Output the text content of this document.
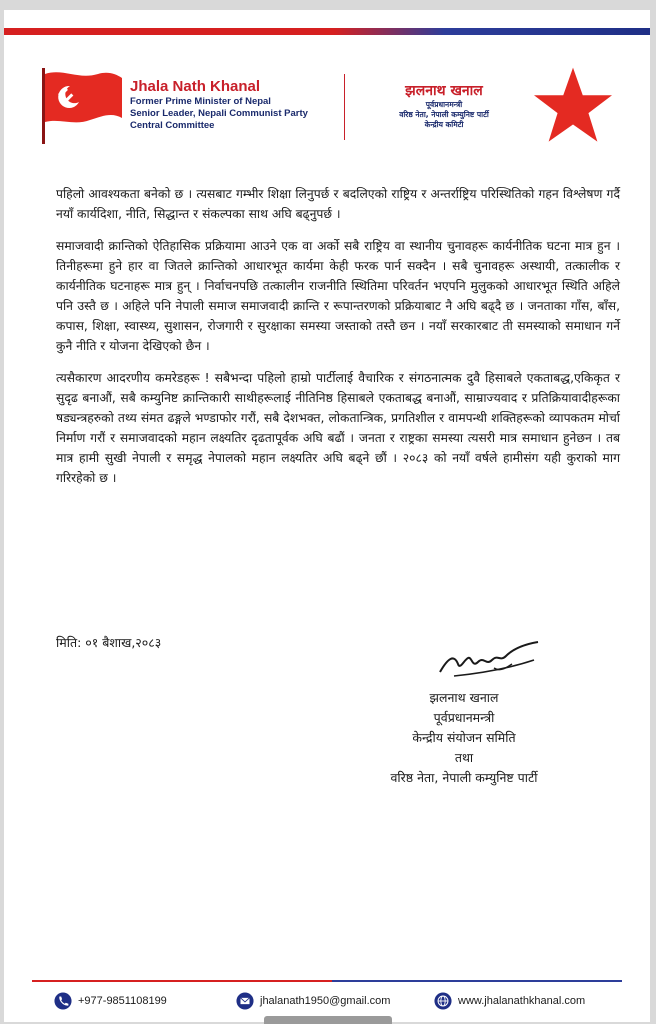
Jhala Nath Khanal
Former Prime Minister of Nepal
Senior Leader, Nepali Communist Party
Central Committee
झलनाथ खनाल
पूर्वप्रधानमन्त्री
वरिष्ठ नेता, नेपाली कम्युनिष्ट पार्टी
केन्द्रीय कमिटी

पहिलो आवश्यकता बनेको छ । त्यसबाट गम्भीर शिक्षा लिनुपर्छ र बदलिएको राष्ट्रिय र अन्तर्राष्ट्रिय परिस्थितिको गहन विश्लेषण गर्दै नयाँ कार्यदिशा, नीति, सिद्धान्त र संकल्पका साथ अघि बढ्नुपर्छ ।

समाजवादी क्रान्तिको ऐतिहासिक प्रक्रियामा आउने एक वा अर्को सबै राष्ट्रिय वा स्थानीय चुनावहरू कार्यनीतिक घटना मात्र हुन । तिनीहरूमा हुने हार वा जितले क्रान्तिको आधारभूत कार्यमा केही फरक पार्न सक्दैन । सबै चुनावहरू अस्थायी, तत्कालीक र कार्यनीतिक घटनाहरू मात्र हुन् । निर्वाचनपछि तत्कालीन राजनीति स्थितिमा परिवर्तन भएपनि मुलुकको आधारभूत स्थिति अहिले पनि उस्तै छ । अहिले पनि नेपाली समाज समाजवादी क्रान्ति र रूपान्तरणको प्रक्रियाबाट नै अघि बढ्दै छ । जनताका गाँस, बाँस, कपास, शिक्षा, स्वास्थ्य, सुशासन, रोजगारी र सुरक्षाका समस्या जस्ताको तस्तै छन । नयाँ सरकारबाट ती समस्याको समाधान गर्ने कुनै नीति र योजना देखिएको छैन ।

त्यसैकारण आदरणीय कमरेडहरू ! सबैभन्दा पहिलो हाम्रो पार्टीलाई वैचारिक र संगठनात्मक दुवै हिसाबले एकताबद्ध,एकिकृत र सुदृढ बनाऔं, सबै कम्युनिष्ट क्रान्तिकारी साथीहरूलाई नीतिनिष्ठ हिसाबले एकताबद्ध बनाऔं, साम्राज्यवाद र प्रतिक्रियावादीहरूका षड्यन्त्रहरुको तथ्य संमत ढङ्गले भण्डाफोर गरौं, सबै देशभक्त, लोकतान्त्रिक, प्रगतिशील र वामपन्थी शक्तिहरूको व्यापकतम मोर्चा निर्माण गरौं र समाजवादको महान लक्ष्यतिर दृढतापूर्वक अघि बढौं । जनता र राष्ट्रका समस्या त्यसरी मात्र समाधान हुनेछन । तब मात्र हामी सुखी नेपाली र समृद्ध नेपालको महान लक्ष्यतिर अघि बढ्ने छौं । २०८३ को नयाँ वर्षले हामीसंग यही कुराको माग गरिरहेको छ ।

मिति: ०१ बैशाख,२०८३
झलनाथ खनाल
पूर्वप्रधानमन्त्री
केन्द्रीय संयोजन समिति
तथा
वरिष्ठ नेता, नेपाली कम्युनिष्ट पार्टी
+977-9851108199	jhalanath1950@gmail.com	www.jhalanathkhanal.com
